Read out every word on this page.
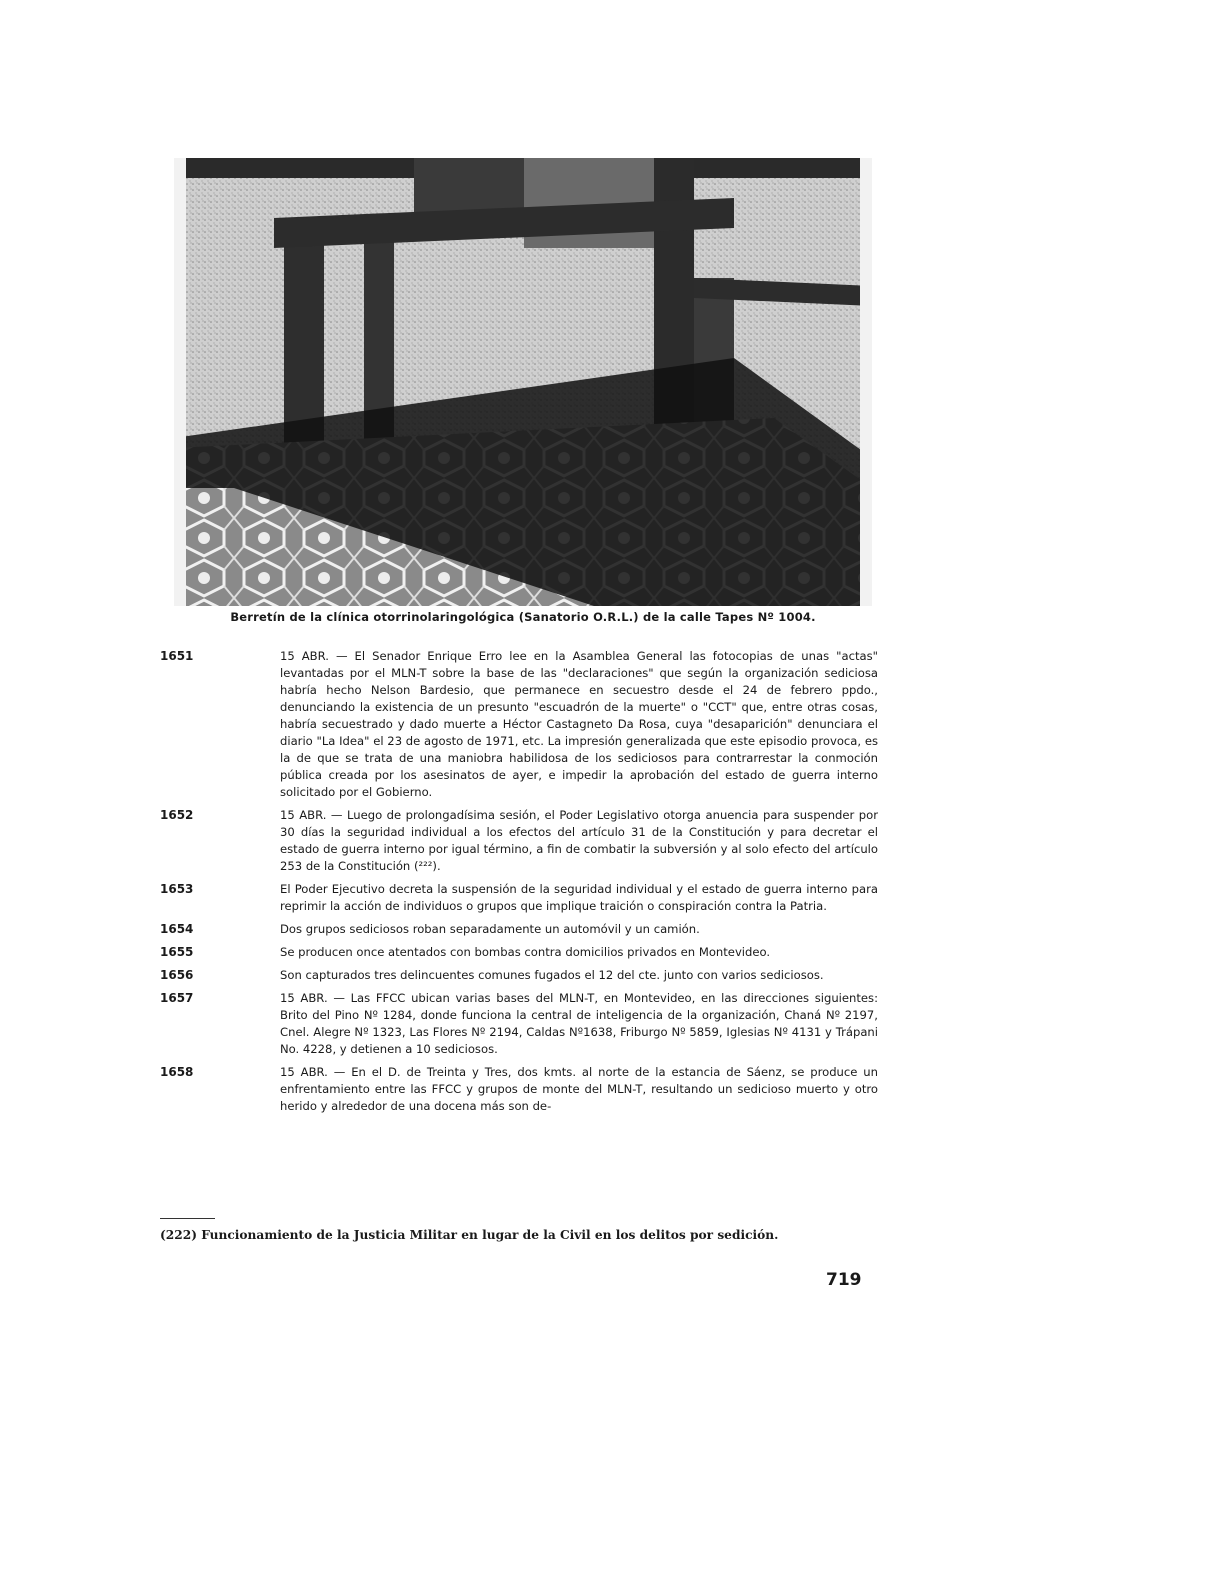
Berretín de la clínica otorrinolaringológica (Sanatorio O.R.L.) de la calle Tapes Nº 1004.
1651	15 ABR. — El Senador Enrique Erro lee en la Asamblea General las fotocopias de unas "actas" levantadas por el MLN-T sobre la base de las "declaraciones" que según la organización sediciosa habría hecho Nelson Bardesio, que permanece en secuestro desde el 24 de febrero ppdo., denunciando la existencia de un presunto "escuadrón de la muerte" o "CCT" que, entre otras cosas, habría secuestrado y dado muerte a Héctor Castagneto Da Rosa, cuya "desaparición" denunciara el diario "La Idea" el 23 de agosto de 1971, etc. La impresión generalizada que este episodio provoca, es la de que se trata de una maniobra habilidosa de los sediciosos para contrarrestar la conmoción pública creada por los asesinatos de ayer, e impedir la aprobación del estado de guerra interno solicitado por el Gobierno.
1652	15 ABR. — Luego de prolongadísima sesión, el Poder Legislativo otorga anuencia para suspender por 30 días la seguridad individual a los efectos del artículo 31 de la Constitución y para decretar el estado de guerra interno por igual término, a fin de combatir la subversión y al solo efecto del artículo 253 de la Constitución (²²²).
1653	El Poder Ejecutivo decreta la suspensión de la seguridad individual y el estado de guerra interno para reprimir la acción de individuos o grupos que implique traición o conspiración contra la Patria.
1654	Dos grupos sediciosos roban separadamente un automóvil y un camión.
1655	Se producen once atentados con bombas contra domicilios privados en Montevideo.
1656	Son capturados tres delincuentes comunes fugados el 12 del cte. junto con varios sediciosos.
1657	15 ABR. — Las FFCC ubican varias bases del MLN-T, en Montevideo, en las direcciones siguientes: Brito del Pino Nº 1284, donde funciona la central de inteligencia de la organización, Chaná Nº 2197, Cnel. Alegre Nº 1323, Las Flores Nº 2194, Caldas Nº1638, Friburgo Nº 5859, Iglesias Nº 4131 y Trápani No. 4228, y detienen a 10 sediciosos.
1658	15 ABR. — En el D. de Treinta y Tres, dos kmts. al norte de la estancia de Sáenz, se produce un enfrentamiento entre las FFCC y grupos de monte del MLN-T, resultando un sedicioso muerto y otro herido y alrededor de una docena más son de-
(222) Funcionamiento de la Justicia Militar en lugar de la Civil en los delitos por sedición.
719
